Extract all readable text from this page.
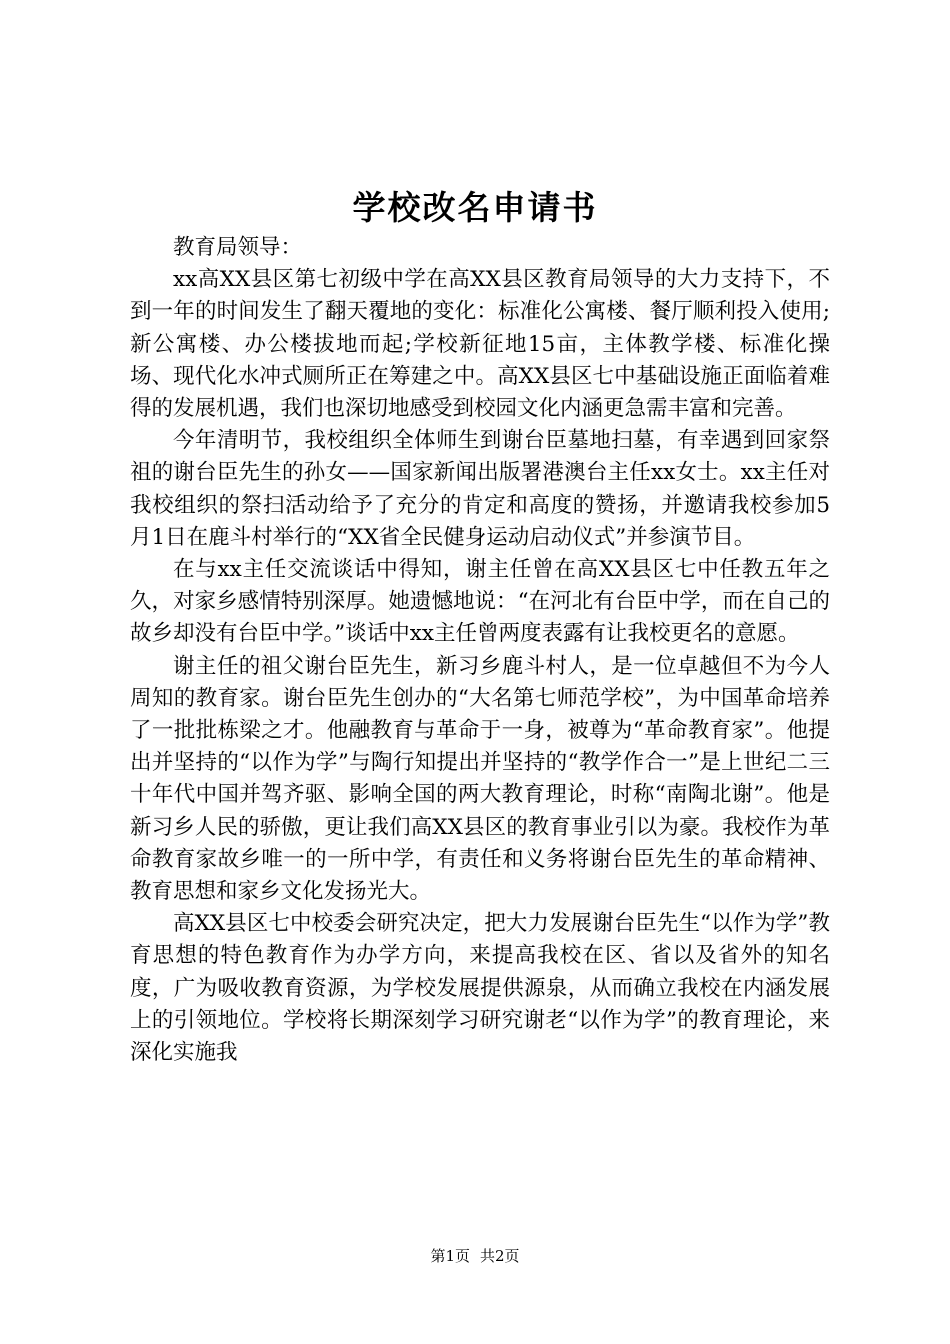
学校改名申请书

教育局领导：

xx高XX县区第七初级中学在高XX县区教育局领导的大力支持下，不到一年的时间发生了翻天覆地的变化：标准化公寓楼、餐厅顺利投入使用;新公寓楼、办公楼拔地而起;学校新征地15亩，主体教学楼、标准化操场、现代化水冲式厕所正在筹建之中。高XX县区七中基础设施正面临着难得的发展机遇，我们也深切地感受到校园文化内涵更急需丰富和完善。

今年清明节，我校组织全体师生到谢台臣墓地扫墓，有幸遇到回家祭祖的谢台臣先生的孙女——国家新闻出版署港澳台主任xx女士。xx主任对我校组织的祭扫活动给予了充分的肯定和高度的赞扬，并邀请我校参加5月1日在鹿斗村举行的“XX省全民健身运动启动仪式”并参演节目。

在与xx主任交流谈话中得知，谢主任曾在高XX县区七中任教五年之久，对家乡感情特别深厚。她遗憾地说：“在河北有台臣中学，而在自己的故乡却没有台臣中学。”谈话中xx主任曾两度表露有让我校更名的意愿。

谢主任的祖父谢台臣先生，新习乡鹿斗村人，是一位卓越但不为今人周知的教育家。谢台臣先生创办的“大名第七师范学校”，为中国革命培养了一批批栋梁之才。他融教育与革命于一身，被尊为“革命教育家”。他提出并坚持的“以作为学”与陶行知提出并坚持的“教学作合一”是上世纪二三十年代中国并驾齐驱、影响全国的两大教育理论，时称“南陶北谢”。他是新习乡人民的骄傲，更让我们高XX县区的教育事业引以为豪。我校作为革命教育家故乡唯一的一所中学，有责任和义务将谢台臣先生的革命精神、教育思想和家乡文化发扬光大。

高XX县区七中校委会研究决定，把大力发展谢台臣先生“以作为学”教育思想的特色教育作为办学方向，来提高我校在区、省以及省外的知名度，广为吸收教育资源，为学校发展提供源泉，从而确立我校在内涵发展上的引领地位。学校将长期深刻学习研究谢老“以作为学”的教育理论，来深化实施我

第1页 共2页
